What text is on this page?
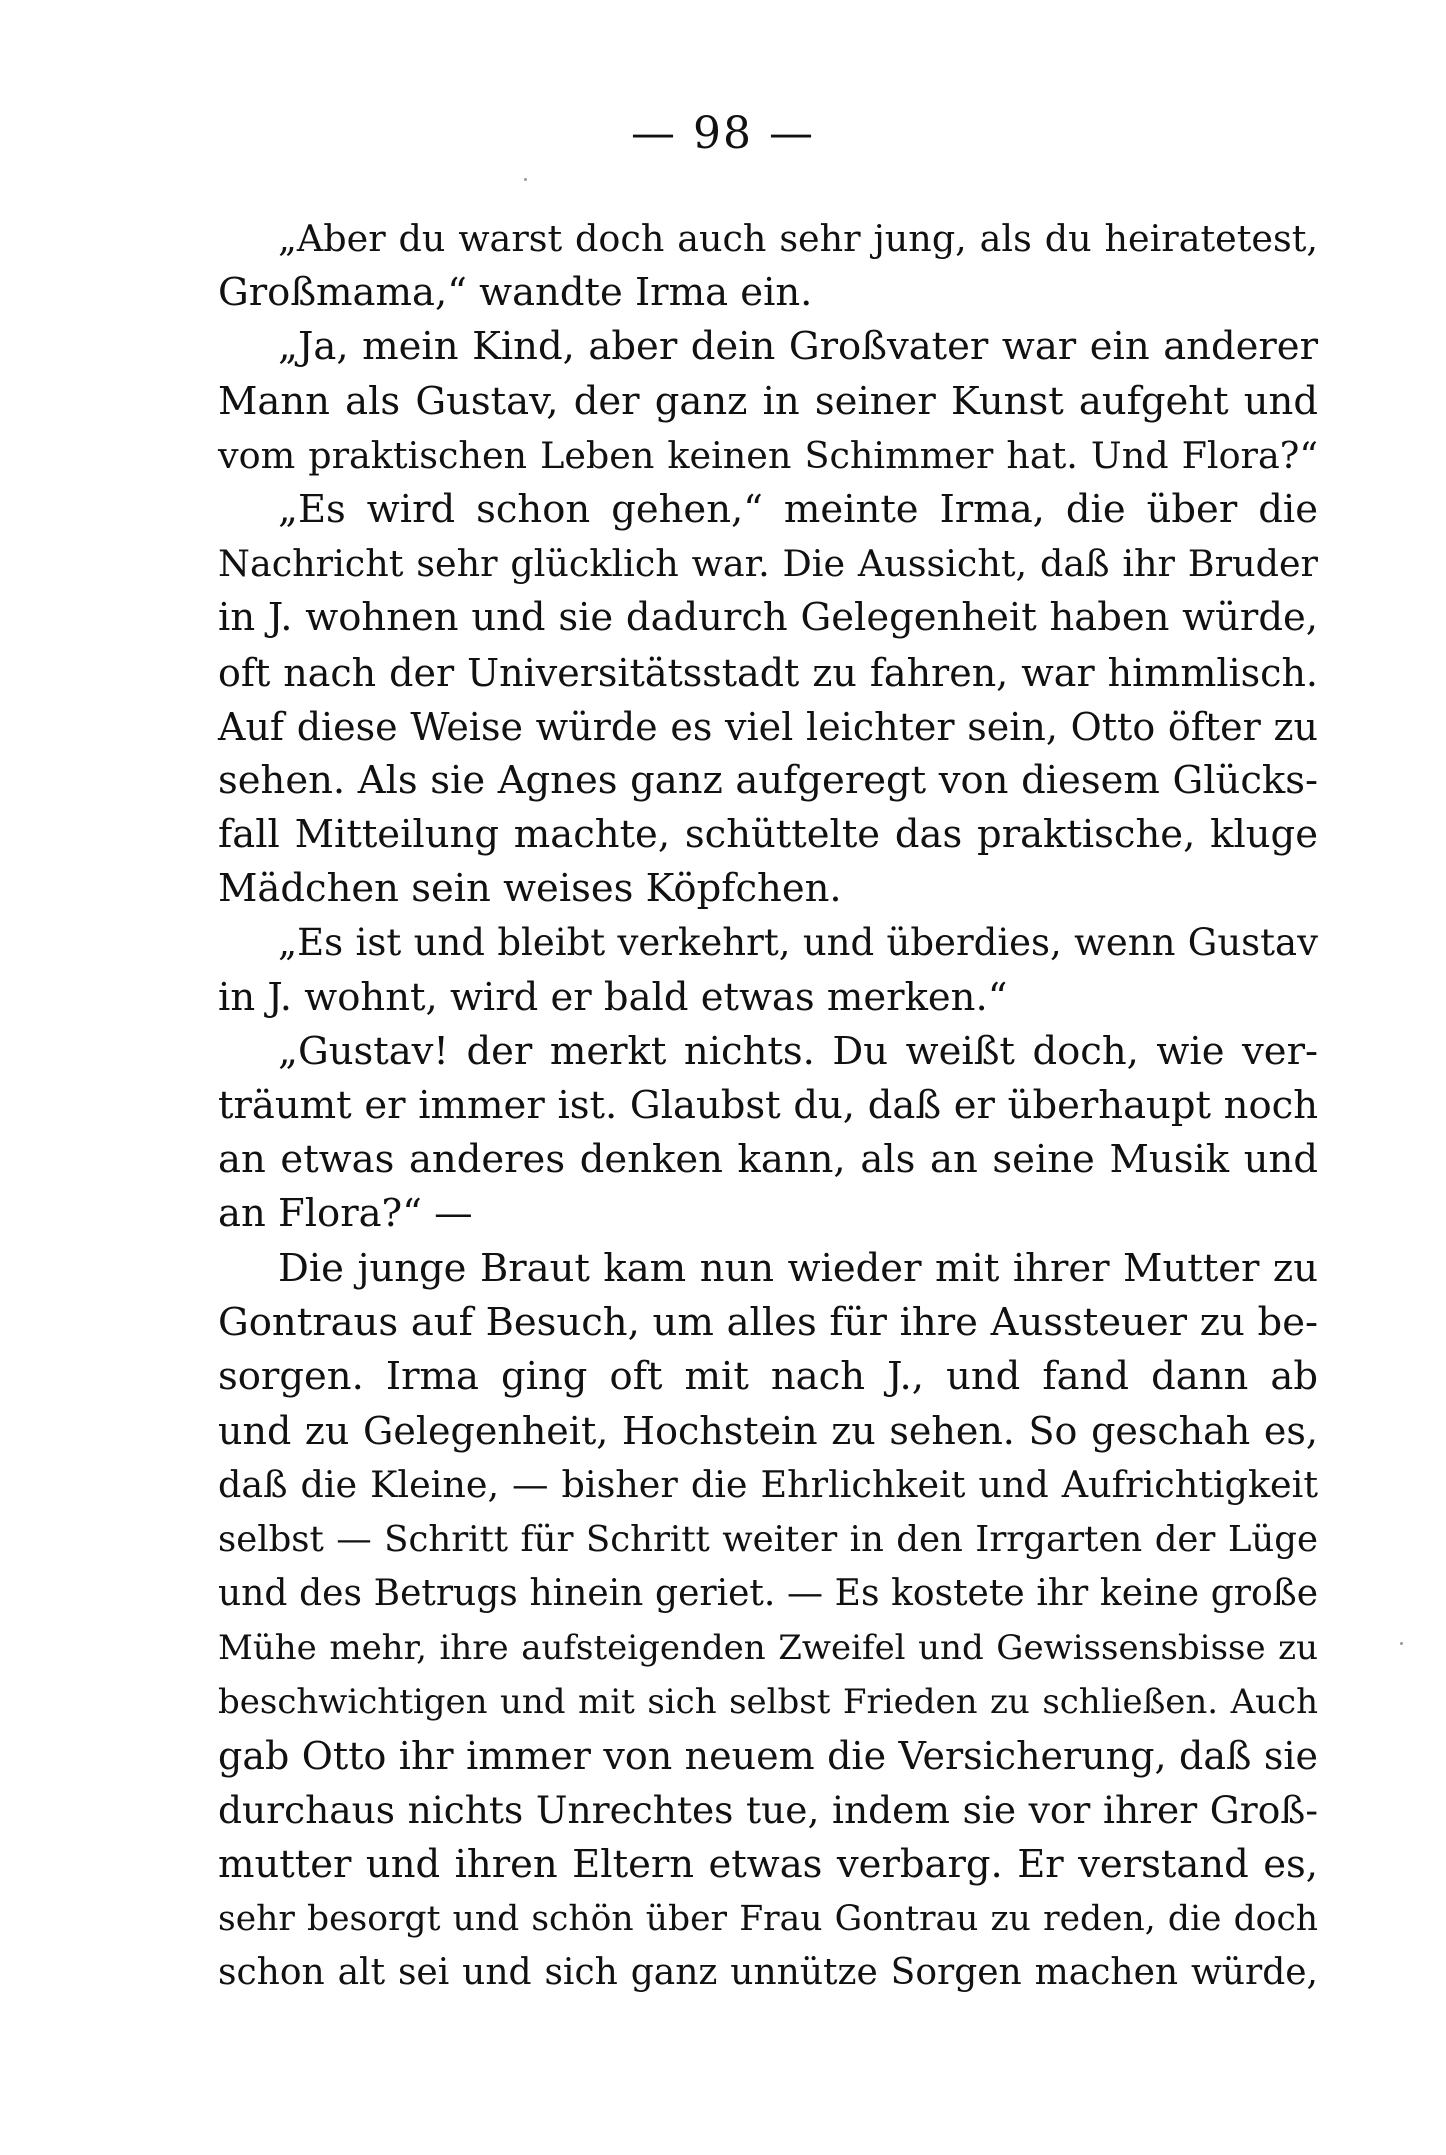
— 98 —
„Aber du warst doch auch sehr jung, als du heiratetest,
Großmama,“ wandte Irma ein.
„Ja, mein Kind, aber dein Großvater war ein anderer
Mann als Gustav, der ganz in seiner Kunst aufgeht und
vom praktischen Leben keinen Schimmer hat. Und Flora?“
„Es wird schon gehen,“ meinte Irma, die über die
Nachricht sehr glücklich war. Die Aussicht, daß ihr Bruder
in J. wohnen und sie dadurch Gelegenheit haben würde,
oft nach der Universitätsstadt zu fahren, war himmlisch.
Auf diese Weise würde es viel leichter sein, Otto öfter zu
sehen. Als sie Agnes ganz aufgeregt von diesem Glücks-
fall Mitteilung machte, schüttelte das praktische, kluge
Mädchen sein weises Köpfchen.
„Es ist und bleibt verkehrt, und überdies, wenn Gustav
in J. wohnt, wird er bald etwas merken.“
„Gustav! der merkt nichts. Du weißt doch, wie ver-
träumt er immer ist. Glaubst du, daß er überhaupt noch
an etwas anderes denken kann, als an seine Musik und
an Flora?“ —
Die junge Braut kam nun wieder mit ihrer Mutter zu
Gontraus auf Besuch, um alles für ihre Aussteuer zu be-
sorgen. Irma ging oft mit nach J., und fand dann ab
und zu Gelegenheit, Hochstein zu sehen. So geschah es,
daß die Kleine, — bisher die Ehrlichkeit und Aufrichtigkeit
selbst — Schritt für Schritt weiter in den Irrgarten der Lüge
und des Betrugs hinein geriet. — Es kostete ihr keine große
Mühe mehr, ihre aufsteigenden Zweifel und Gewissensbisse zu
beschwichtigen und mit sich selbst Frieden zu schließen. Auch
gab Otto ihr immer von neuem die Versicherung, daß sie
durchaus nichts Unrechtes tue, indem sie vor ihrer Groß-
mutter und ihren Eltern etwas verbarg. Er verstand es,
sehr besorgt und schön über Frau Gontrau zu reden, die doch
schon alt sei und sich ganz unnütze Sorgen machen würde,
